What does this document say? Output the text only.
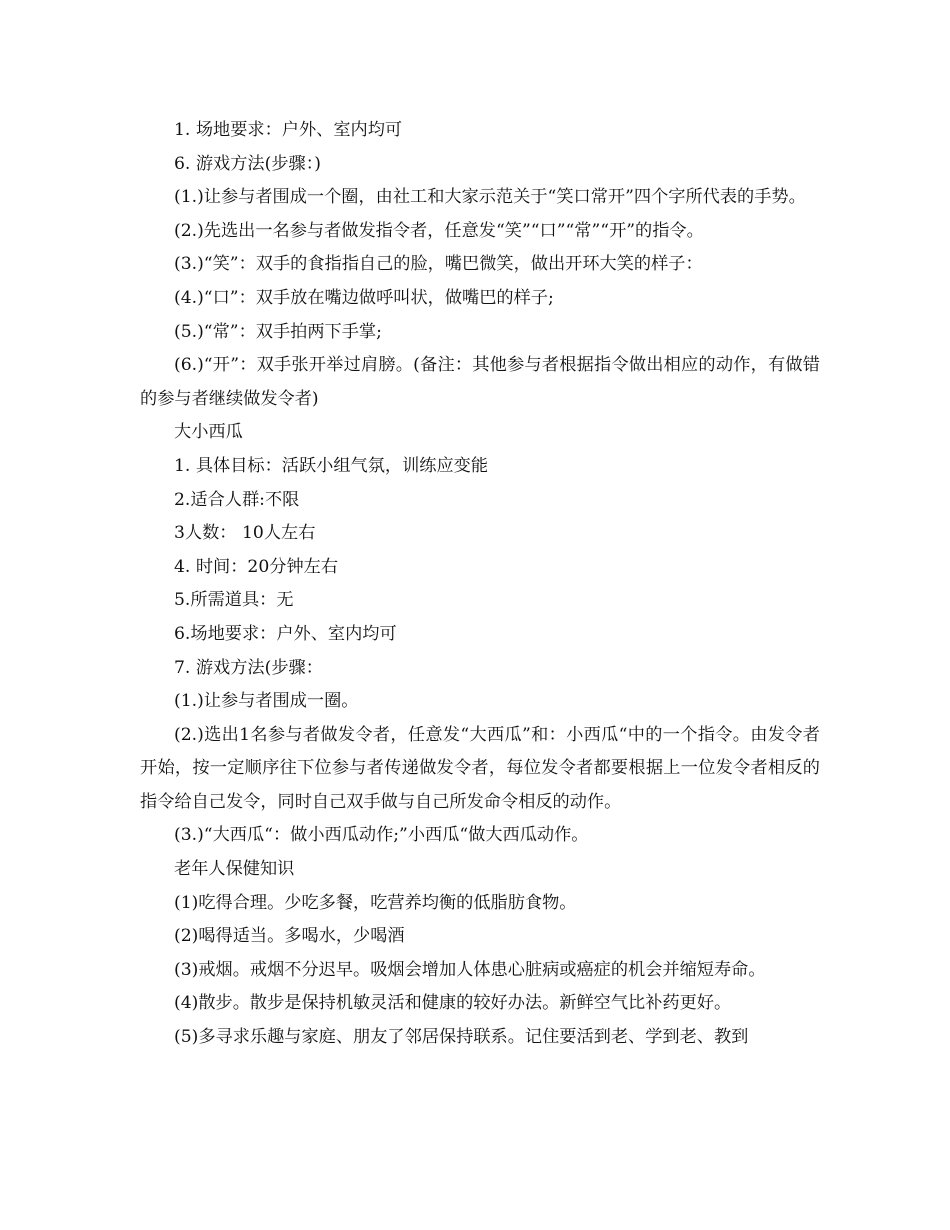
1. 场地要求：户外、室内均可

6. 游戏方法(步骤：)

(1.)让参与者围成一个圈，由社工和大家示范关于“笑口常开”四个字所代表的手势。

(2.)先选出一名参与者做发指令者，任意发“笑”“口”“常”“开”的指令。

(3.)“笑”：双手的食指指自己的脸，嘴巴微笑，做出开环大笑的样子：

(4.)“口”：双手放在嘴边做呼叫状，做嘴巴的样子;

(5.)“常”：双手拍两下手掌;

(6.)“开”：双手张开举过肩膀。(备注：其他参与者根据指令做出相应的动作，有做错的参与者继续做发令者)

大小西瓜

1. 具体目标：活跃小组气氛，训练应变能

2.适合人群:不限

3人数： 10人左右

4. 时间：20分钟左右

5.所需道具：无

6.场地要求：户外、室内均可

7. 游戏方法(步骤：

(1.)让参与者围成一圈。

(2.)选出1名参与者做发令者，任意发“大西瓜”和：小西瓜“中的一个指令。由发令者开始，按一定顺序往下位参与者传递做发令者，每位发令者都要根据上一位发令者相反的指令给自己发令，同时自己双手做与自己所发命令相反的动作。

(3.)“大西瓜“：做小西瓜动作;”小西瓜“做大西瓜动作。

老年人保健知识

(1)吃得合理。少吃多餐，吃营养均衡的低脂肪食物。

(2)喝得适当。多喝水，少喝酒

(3)戒烟。戒烟不分迟早。吸烟会增加人体患心脏病或癌症的机会并缩短寿命。

(4)散步。散步是保持机敏灵活和健康的较好办法。新鲜空气比补药更好。

(5)多寻求乐趣与家庭、朋友了邻居保持联系。记住要活到老、学到老、教到
